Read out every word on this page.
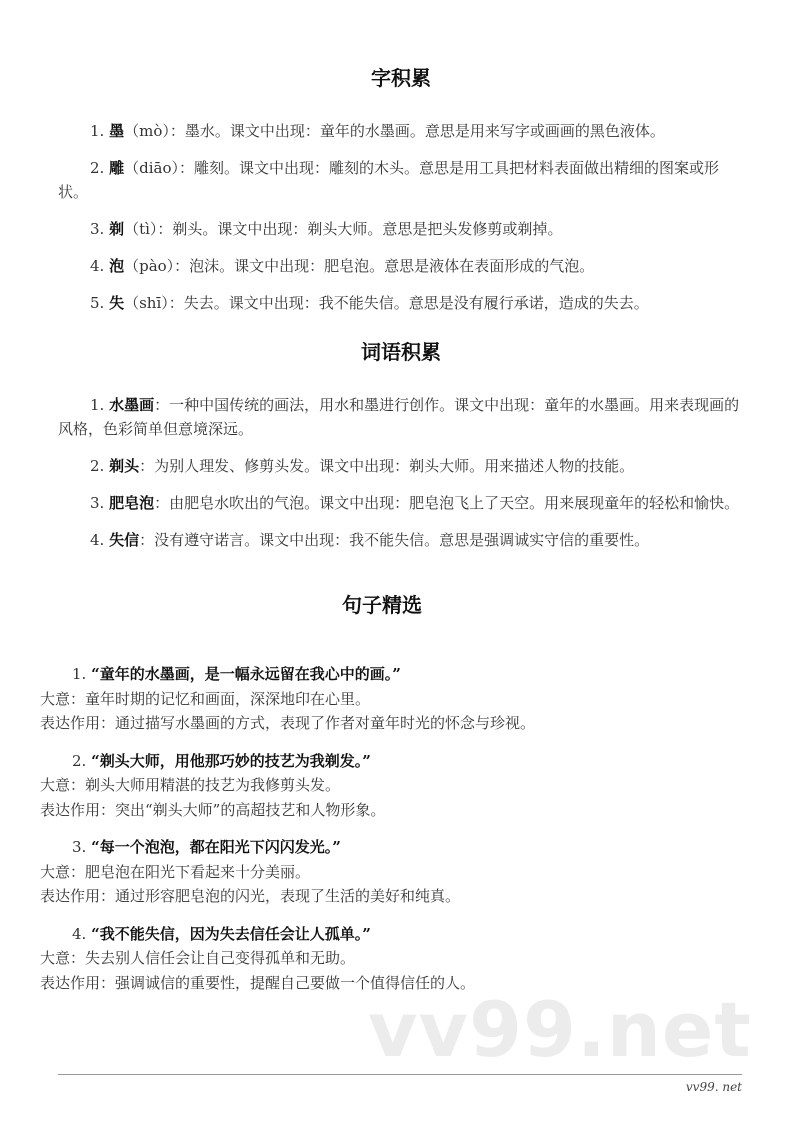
字积累

1. 墨（mò）：墨水。课文中出现：童年的水墨画。意思是用来写字或画画的黑色液体。

2. 雕（diāo）：雕刻。课文中出现：雕刻的木头。意思是用工具把材料表面做出精细的图案或形状。

3. 剃（tì）：剃头。课文中出现：剃头大师。意思是把头发修剪或剃掉。

4. 泡（pào）：泡沫。课文中出现：肥皂泡。意思是液体在表面形成的气泡。

5. 失（shī）：失去。课文中出现：我不能失信。意思是没有履行承诺，造成的失去。

词语积累

1. 水墨画：一种中国传统的画法，用水和墨进行创作。课文中出现：童年的水墨画。用来表现画的风格，色彩简单但意境深远。

2. 剃头：为别人理发、修剪头发。课文中出现：剃头大师。用来描述人物的技能。

3. 肥皂泡：由肥皂水吹出的气泡。课文中出现：肥皂泡飞上了天空。用来展现童年的轻松和愉快。

4. 失信：没有遵守诺言。课文中出现：我不能失信。意思是强调诚实守信的重要性。

句子精选
1. “童年的水墨画，是一幅永远留在我心中的画。”
大意：童年时期的记忆和画面，深深地印在心里。
表达作用：通过描写水墨画的方式，表现了作者对童年时光的怀念与珍视。
2. “剃头大师，用他那巧妙的技艺为我剃发。”
大意：剃头大师用精湛的技艺为我修剪头发。
表达作用：突出“剃头大师”的高超技艺和人物形象。
3. “每一个泡泡，都在阳光下闪闪发光。”
大意：肥皂泡在阳光下看起来十分美丽。
表达作用：通过形容肥皂泡的闪光，表现了生活的美好和纯真。
4. “我不能失信，因为失去信任会让人孤单。”
大意：失去别人信任会让自己变得孤单和无助。
表达作用：强调诚信的重要性，提醒自己要做一个值得信任的人。
vv99.net
vv99. net
